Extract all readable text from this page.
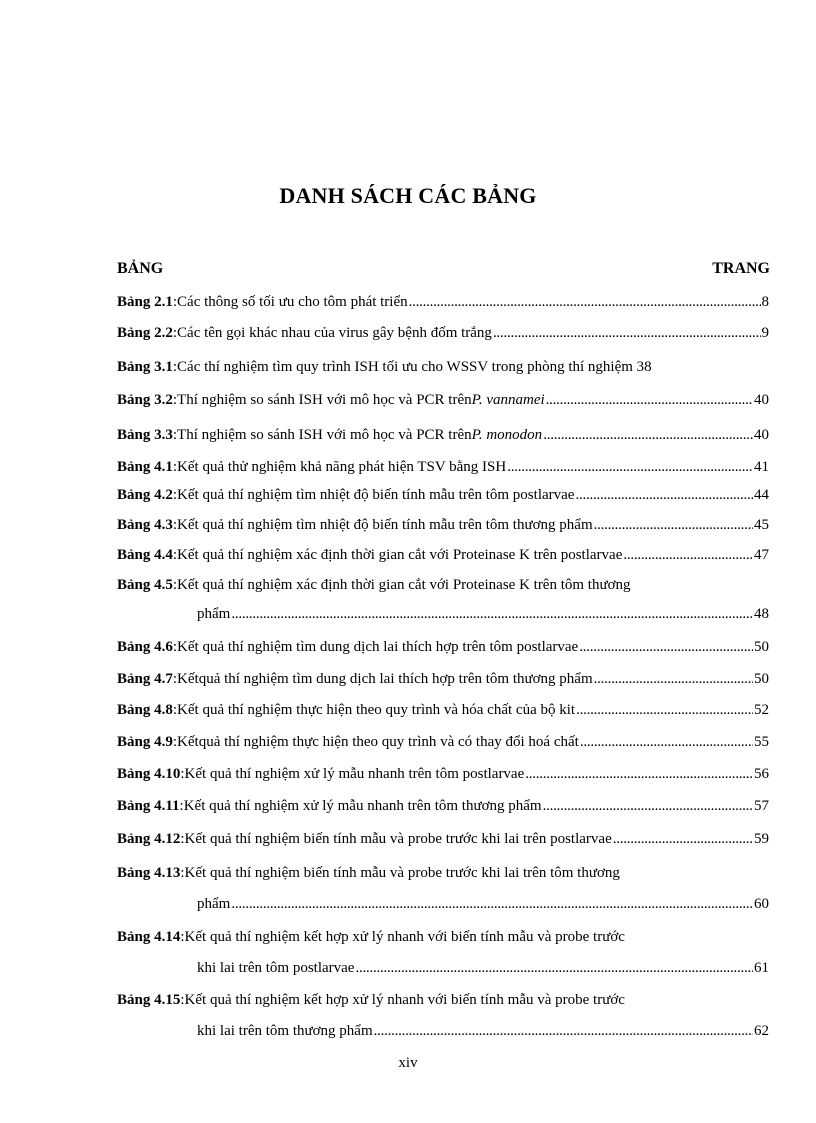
DANH SÁCH CÁC BẢNG
BẢNG	TRANG
Bảng 2.1 : Các thông số tối ưu cho tôm phát triển . . .	8
Bảng 2.2 : Các tên gọi khác nhau của virus gây bệnh đốm trắng . . .	9
Bảng 3.1 : Các thí nghiệm tìm quy trình ISH tối ưu cho WSSV trong phòng thí nghiệm 38
Bảng 3.2 : Thí nghiệm so sánh ISH với mô học và PCR trên P. vannamei . . .	40
Bảng 3.3 : Thí nghiệm so sánh ISH với mô học và PCR trên P. monodon . . .	40
Bảng 4.1 : Kết quả thử nghiệm khả năng phát hiện TSV bằng ISH . . .	41
Bảng 4.2 : Kết quả thí nghiệm tìm nhiệt độ biến tính mẫu trên tôm postlarvae . . .	44
Bảng 4.3 : Kết quả thí nghiệm tìm nhiệt độ biến tính mẫu trên tôm thương phẩm . . .	45
Bảng 4.4 : Kết quả thí nghiệm xác định thời gian cắt với Proteinase K trên postlarvae . . .	47
Bảng 4.5 : Kết quả thí nghiệm xác định thời gian cắt với Proteinase K trên tôm thương
phẩm . . .	48
Bảng 4.6 : Kết quả thí nghiệm tìm dung dịch lai thích hợp trên tôm postlarvae . . .	50
Bảng 4.7 : Kếtquả thí nghiệm tìm dung dịch lai thích hợp trên tôm thương phẩm . . .	50
Bảng 4.8 : Kết quả thí nghiệm thực hiện theo quy trình và hóa chất của bộ kit . . .	52
Bảng 4.9 : Kếtquả thí nghiệm thực hiện theo quy trình và có thay đổi hoá chất . . .	55
Bảng 4.10 : Kết quả thí nghiệm xử lý mẫu nhanh trên tôm postlarvae . . .	56
Bảng 4.11 : Kết quả thí nghiệm xử lý mẫu nhanh trên tôm thương phẩm . . .	57
Bảng 4.12 : Kết quả thí nghiệm biến tính mẫu và probe trước khi lai trên postlarvae . . .	59
Bảng 4.13 : Kết quả thí nghiệm biến tính mẫu và probe trước khi lai trên tôm thương
phẩm . . .	60
Bảng 4.14 : Kết quả thí nghiệm kết hợp xử lý nhanh với biến tính mẫu và probe trước
khi lai trên tôm postlarvae . . .	61
Bảng 4.15 : Kết quả thí nghiệm kết hợp xử lý nhanh với biến tính mẫu và probe trước
khi lai trên tôm thương phẩm . . .	62
xiv
